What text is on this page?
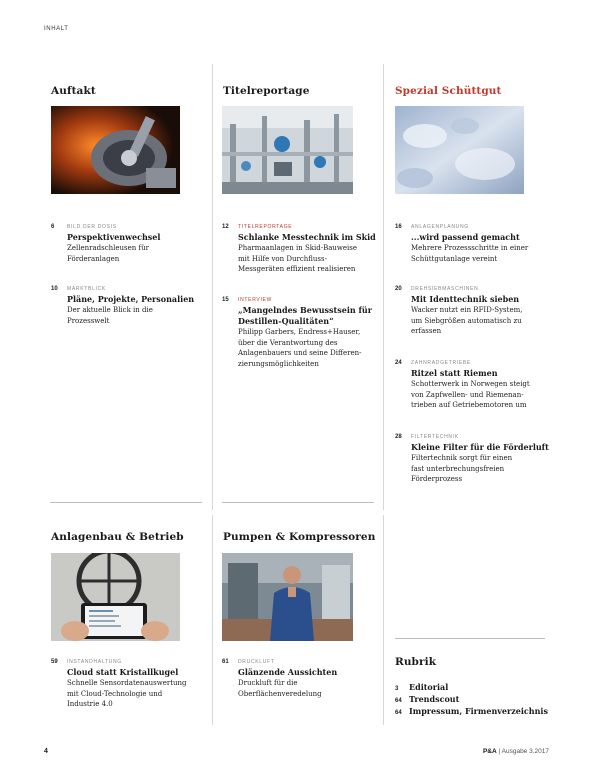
INHALT
Auftakt
6	BILD DER DOSIS
Perspektivenwechsel
Zellenradschleusen für
Förderanlagen
10	MARKTBLICK
Pläne, Projekte, Personalien
Der aktuelle Blick in die
Prozesswelt
Titelreportage
12	TITELREPORTAGE
Schlanke Messtechnik im Skid
Pharmaanlagen in Skid-Bauweise
mit Hilfe von Durchfluss-
Messgeräten effizient realisieren
15	INTERVIEW
„Mangelndes Bewusstsein für Destillen-Qualitäten“
Philipp Garbers, Endress+Hauser,
über die Verantwortung des
Anlagenbauers und seine Differen-
zierungsmöglichkeiten
Spezial Schüttgut
16	ANLAGENPLANUNG
...wird passend gemacht
Mehrere Prozessschritte in einer
Schüttgutanlage vereint
20	DREHSIEBMASCHINEN
Mit Identtechnik sieben
Wacker nutzt ein RFID-System,
um Siebgrößen automatisch zu
erfassen
24	ZAHNRADGETRIEBE
Ritzel statt Riemen
Schotterwerk in Norwegen steigt
von Zapfwellen- und Riemenan-
trieben auf Getriebemotoren um
28	FILTERTECHNIK
Kleine Filter für die Förderluft
Filtertechnik sorgt für einen
fast unterbrechungsfreien
Förderprozess
Anlagenbau & Betrieb
59	INSTANDHALTUNG
Cloud statt Kristallkugel
Schnelle Sensordatenauswertung
mit Cloud-Technologie und
Industrie 4.0
Pumpen & Kompressoren
61	DRUCKLUFT
Glänzende Aussichten
Druckluft für die
Oberflächenveredelung
Rubrik
3	Editorial
64 Trendscout
64 Impressum, Firmenverzeichnis
4	P&A | Ausgabe 3.2017
